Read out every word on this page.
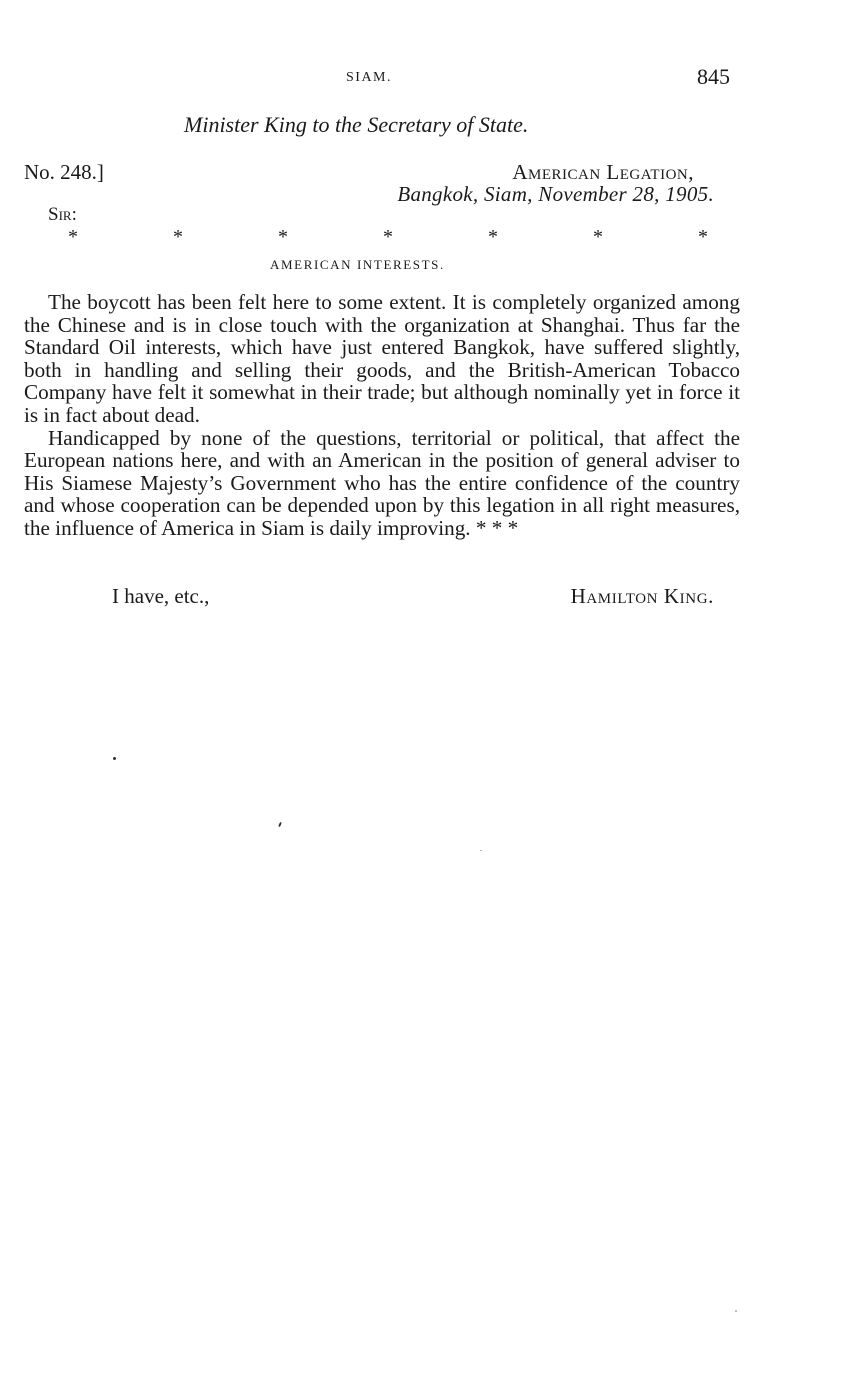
SIAM.	845
Minister King to the Secretary of State.
No. 248.]	American Legation,
Bangkok, Siam, November 28, 1905.
Sir:
*	*	*	*	*	*	*
AMERICAN INTERESTS.

The boycott has been felt here to some extent. It is completely organized among the Chinese and is in close touch with the organization at Shanghai. Thus far the Standard Oil interests, which have just entered Bangkok, have suffered slightly, both in handling and selling their goods, and the British-American Tobacco Company have felt it somewhat in their trade; but although nominally yet in force it is in fact about dead.

Handicapped by none of the questions, territorial or political, that affect the European nations here, and with an American in the position of general adviser to His Siamese Majesty’s Government who has the entire confidence of the country and whose cooperation can be depended upon by this legation in all right measures, the influence of America in Siam is daily improving. * * *

I have, etc.,	Hamilton King.
